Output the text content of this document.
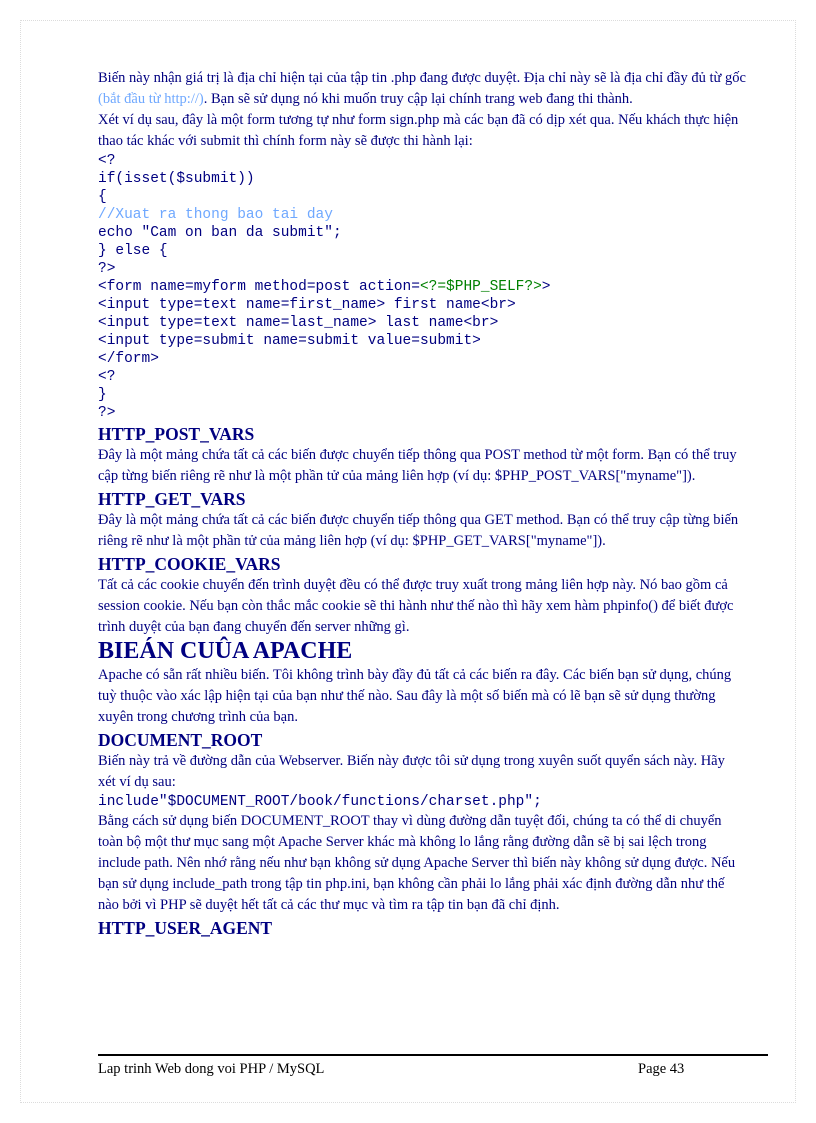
Biến này nhận giá trị là địa chỉ hiện tại của tập tin .php đang được duyệt. Địa chỉ này sẽ là địa chỉ đầy đủ từ gốc (bắt đầu từ http://). Bạn sẽ sử dụng nó khi muốn truy cập lại chính trang web đang thi thành.

Xét ví dụ sau, đây là một form tương tự như form sign.php mà các bạn đã có dịp xét qua. Nếu khách thực hiện thao tác khác với submit thì chính form này sẽ được thi hành lại:

<?
if(isset($submit))
{
//Xuat ra thong bao tai day
echo "Cam on ban da submit";
} else {
?>
<form name=myform method=post action=<?=$PHP_SELF?>>
<input type=text name=first_name> first name<br>
<input type=text name=last_name> last name<br>
<input type=submit name=submit value=submit>
</form>
<?
}
?>
HTTP_POST_VARS

Đây là một mảng chứa tất cả các biến được chuyển tiếp thông qua POST method từ một form. Bạn có thể truy cập từng biến riêng rẽ như là một phần tử của mảng liên hợp (ví dụ: $PHP_POST_VARS["myname"]).

HTTP_GET_VARS

Đây là một mảng chứa tất cả các biến được chuyển tiếp thông qua GET method. Bạn có thể truy cập từng biến riêng rẽ như là một phần tử của mảng liên hợp (ví dụ: $PHP_GET_VARS["myname"]).

HTTP_COOKIE_VARS

Tất cả các cookie chuyển đến trình duyệt đều có thể được truy xuất trong mảng liên hợp này. Nó bao gồm cả session cookie. Nếu bạn còn thắc mắc cookie sẽ thi hành như thế nào thì hãy xem hàm phpinfo() để biết được trình duyệt của bạn đang chuyển đến server những gì.

BIEÁN CUÛA APACHE

Apache có sẵn rất nhiều biến. Tôi không trình bày đầy đủ tất cả các biến ra đây. Các biến bạn sử dụng, chúng tuỳ thuộc vào xác lập hiện tại của bạn như thế nào. Sau đây là một số biến mà có lẽ bạn sẽ sử dụng thường xuyên trong chương trình của bạn.

DOCUMENT_ROOT

Biến này trả về đường dẫn của Webserver. Biến này được tôi sử dụng trong xuyên suốt quyển sách này. Hãy xét ví dụ sau:

include"$DOCUMENT_ROOT/book/functions/charset.php";

Bằng cách sử dụng biến DOCUMENT_ROOT thay vì dùng đường dẫn tuyệt đối, chúng ta có thể di chuyển toàn bộ một thư mục sang một Apache Server khác mà không lo lắng rằng đường dẫn sẽ bị sai lệch trong include path. Nên nhớ rằng nếu như bạn không sử dụng Apache Server thì biến này không sử dụng được. Nếu bạn sử dụng include_path trong tập tin php.ini, bạn không cần phải lo lắng phải xác định đường dẫn như thế nào bởi vì PHP sẽ duyệt hết tất cả các thư mục và tìm ra tập tin bạn đã chỉ định.

HTTP_USER_AGENT
Lap trinh Web dong voi PHP / MySQL	Page 43
